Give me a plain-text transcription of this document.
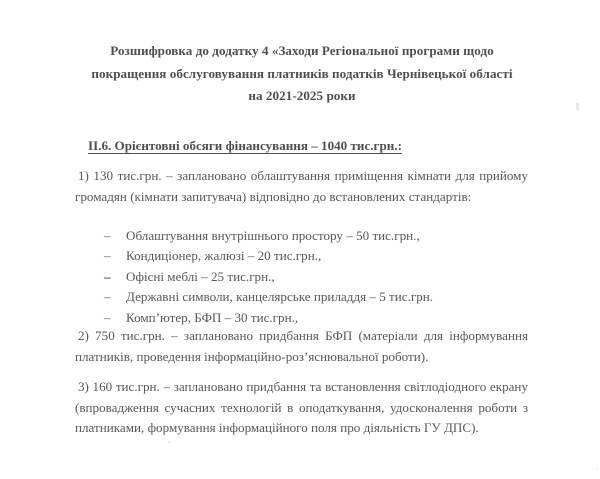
Розшифровка до додатку 4 «Заходи Регіональної програми щодо
покращення обслуговування платників податків Чернівецької області
на 2021-2025 роки
II.6. Орієнтовні обсяги фінансування – 1040 тис.грн.:

1) 130 тис.грн. – заплановано облаштування приміщення кімнати для прийому громадян (кімнати запитувача) відповідно до встановлених стандартів:

–	Облаштування внутрішнього простору – 50 тис.грн.,
–	Кондиціонер, жалюзі – 20 тис.грн.,
–	Офісні меблі – 25 тис.грн.,
–	Державні символи, канцелярське приладдя – 5 тис.грн.
–	Комп’ютер, БФП – 30 тис.грн.,

2) 750 тис.грн. – заплановано придбання БФП (матеріали для інформування платників, проведення інформаційно-роз’яснювальної роботи).

3) 160 тис.грн. – заплановано придбання та встановлення світлодіодного екрану (впровадження сучасних технологій в оподаткування, удосконалення роботи з платниками, формування інформаційного поля про діяльність ГУ ДПС).
